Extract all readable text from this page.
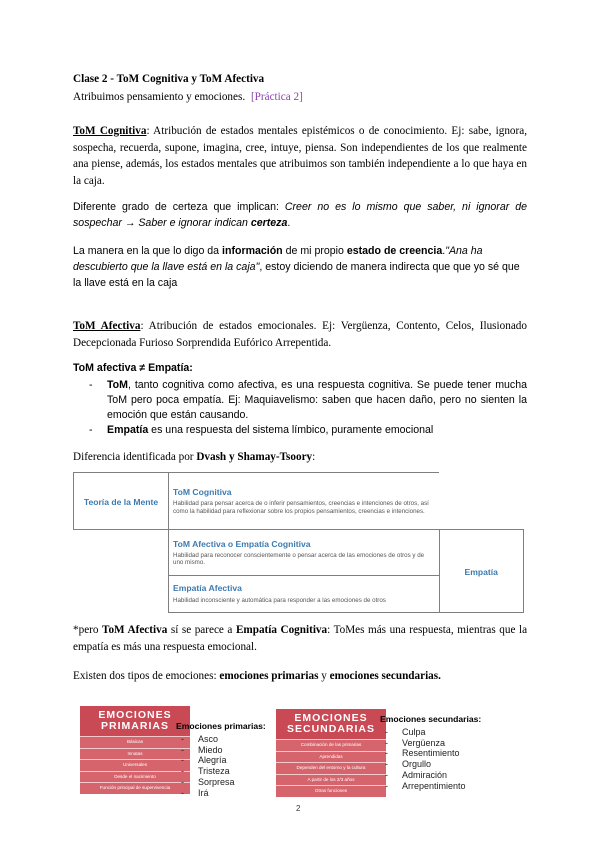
Clase 2 - ToM Cognitiva y ToM Afectiva
Atribuimos pensamiento y emociones. [Práctica 2]
ToM Cognitiva: Atribución de estados mentales epistémicos o de conocimiento. Ej: sabe, ignora, sospecha, recuerda, supone, imagina, cree, intuye, piensa. Son independientes de los que realmente ana piense, además, los estados mentales que atribuimos son también independiente a lo que haya en la caja.
Diferente grado de certeza que implican: Creer no es lo mismo que saber, ni ignorar de sospechar → Saber e ignorar indican certeza.
La manera en la que lo digo da información de mi propio estado de creencia."Ana ha descubierto que la llave está en la caja", estoy diciendo de manera indirecta que que yo sé que la llave está en la caja
ToM Afectiva: Atribución de estados emocionales. Ej: Vergüenza, Contento, Celos, Ilusionado Decepcionada Furioso Sorprendida Eufórico Arrepentida.
ToM afectiva ≠ Empatía:
- ToM, tanto cognitiva como afectiva, es una respuesta cognitiva. Se puede tener mucha ToM pero poca empatía. Ej: Maquiavelismo: saben que hacen daño, pero no sienten la emoción que están causando.
- Empatía es una respuesta del sistema límbico, puramente emocional
Diferencia identificada por Dvash y Shamay-Tsoory:
Teoría de la Mente	ToM Cognitiva
Habilidad para pensar acerca de o inferir pensamientos, creencias e intenciones de otros, así como la habilidad para reflexionar sobre los propios pensamientos, creencias e intenciones.	

	ToM Afectiva o Empatía Cognitiva
Habilidad para reconocer conscientemente o pensar acerca de las emociones de otros y de uno mismo.	Empatía

	Empatía Afectiva
Habilidad inconsciente y automática para responder a las emociones de otros	
*pero ToM Afectiva sí se parece a Empatía Cognitiva: ToMes más una respuesta, mientras que la empatía es más una respuesta emocional.
Existen dos tipos de emociones: emociones primarias y emociones secundarias.
EMOCIONES
PRIMARIAS
Básicas
Innatas
Universales
Desde el nacimiento
Función principal de supervivencia
Emociones primarias:
- Asco
- Miedo
- Alegría
- Tristeza
- Sorpresa
- Irá
EMOCIONES
SECUNDARIAS
Combinación de las primarias
Aprendidas
Dependen del entorno y la cultura
A partir de los 2/3 años
Otras funciones
Emociones secundarias:
- Culpa
- Vergüenza
- Resentimiento
- Orgullo
- Admiración
- Arrepentimiento
2
